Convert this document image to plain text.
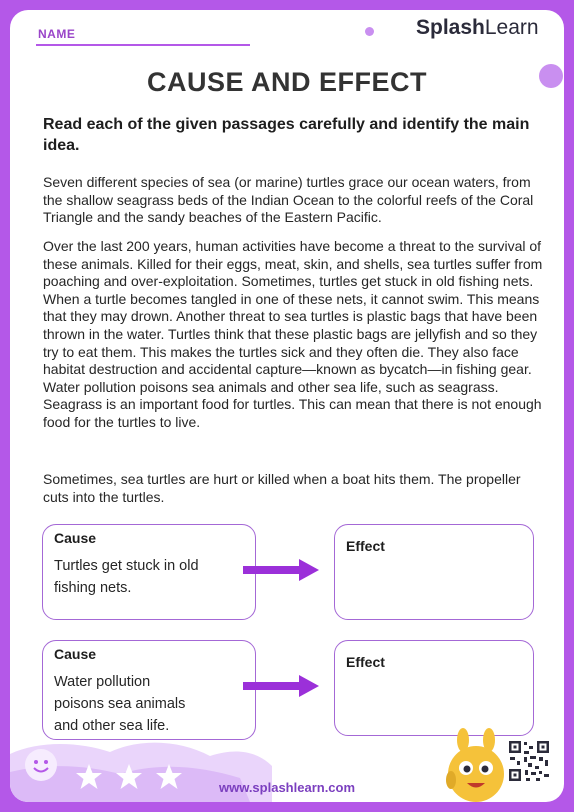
NAME	SplashLearn
CAUSE AND EFFECT
Read each of the given passages carefully and identify the main idea.
Seven different species of sea (or marine) turtles grace our ocean waters, from the shallow seagrass beds of the Indian Ocean to the colorful reefs of the Coral Triangle and the sandy beaches of the Eastern Pacific.
Over the last 200 years, human activities have become a threat to the survival of these animals. Killed for their eggs, meat, skin, and shells, sea turtles suffer from poaching and over-exploitation. Sometimes, turtles get stuck in old fishing nets. When a turtle becomes tangled in one of these nets, it cannot swim. This means that they may drown. Another threat to sea turtles is plastic bags that have been thrown in the water. Turtles think that these plastic bags are jellyfish and so they try to eat them. This makes the turtles sick and they often die. They also face habitat destruction and accidental capture—known as bycatch—in fishing gear. Water pollution poisons sea animals and other sea life, such as seagrass. Seagrass is an important food for turtles. This can mean that there is not enough food for the turtles to live.
Sometimes, sea turtles are hurt or killed when a boat hits them. The propeller cuts into the turtles.
Cause
Turtles get stuck in old fishing nets.
Effect
Cause
Water pollution poisons sea animals and other sea life.
Effect
www.splashlearn.com
